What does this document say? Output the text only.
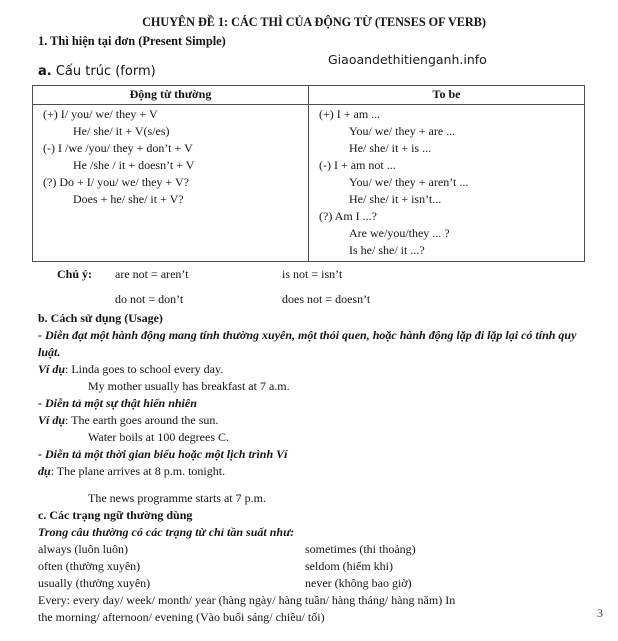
CHUYÊN ĐỀ 1: CÁC THÌ CỦA ĐỘNG TỪ (TENSES OF VERB)
1. Thì hiện tại đơn (Present Simple)
Giaoandethitienganh.info
a. Cấu trúc (form)
Động từ thường	To be

(+) I/ you/ we/ they + V
He/ she/ it + V(s/es)
(-) I /we /you/ they + don’t + V
He /she / it + doesn’t + V
(?) Do + I/ you/ we/ they + V?
Does + he/ she/ it + V?

(+) I + am ...
You/ we/ they + are ...
He/ she/ it + is ...
(-) I + am not ...
You/ we/ they + aren’t ...
He/ she/ it + isn’t...
(?) Am I ...?
Are we/you/they ... ?
Is he/ she/ it ...?
Chú ý:	are not = aren’t	is not = isn’t
do not = don’t	does not = doesn’t
b. Cách sử dụng (Usage)
- Diễn đạt một hành động mang tính thường xuyên, một thói quen, hoặc hành động lặp đi lặp lại có tính quy luật.
Ví dụ: Linda goes to school every day.
My mother usually has breakfast at 7 a.m.
- Diễn tả một sự thật hiển nhiên
Ví dụ: The earth goes around the sun.
Water boils at 100 degrees C.
- Diễn tả một thời gian biểu hoặc một lịch trình Ví
dụ: The plane arrives at 8 p.m. tonight.
The news programme starts at 7 p.m.
c. Các trạng ngữ thường dùng
Trong câu thường có các trạng từ chỉ tần suất như:
always (luôn luôn)	sometimes (thi thoảng)
often (thường xuyên)	seldom (hiếm khi)
usually (thường xuyên)	never (không bao giờ)
Every: every day/ week/ month/ year (hàng ngày/ hàng tuần/ hàng tháng/ hàng năm) In
the morning/ afternoon/ evening (Vào buổi sáng/ chiều/ tối)	3
